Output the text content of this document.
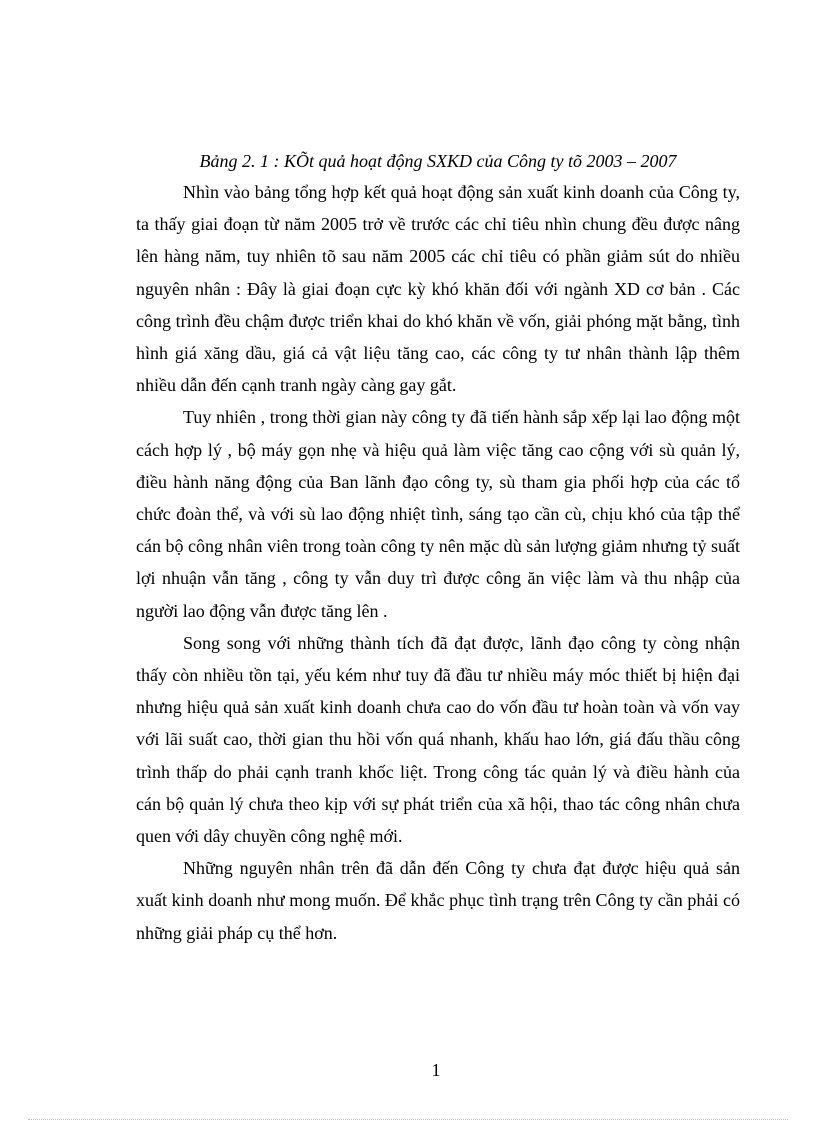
Bảng 2. 1 : KÕt quả hoạt động SXKD của Công ty tõ 2003 – 2007

Nhìn vào bảng tổng hợp kết quả hoạt động sản xuất kinh doanh của Công ty, ta thấy giai đoạn từ năm 2005 trở về trước các chỉ tiêu nhìn chung đều được nâng lên hàng năm, tuy nhiên tõ sau năm 2005 các chỉ tiêu có phần giảm sút do nhiều nguyên nhân : Đây là giai đoạn cực kỳ khó khăn đối với ngành XD cơ bản . Các công trình đều chậm được triển khai do khó khăn về vốn, giải phóng mặt bằng, tình hình giá xăng dầu, giá cả vật liệu tăng cao, các công ty tư nhân thành lập thêm nhiều dẫn đến cạnh tranh ngày càng gay gắt.

Tuy nhiên , trong thời gian này công ty đã tiến hành sắp xếp lại lao động một cách hợp lý , bộ máy gọn nhẹ và hiệu quả làm việc tăng cao cộng với sù quản lý, điều hành năng động của Ban lãnh đạo công ty, sù tham gia phối hợp của các tổ chức đoàn thể, và với sù lao động nhiệt tình, sáng tạo cần cù, chịu khó của tập thể cán bộ công nhân viên trong toàn công ty nên mặc dù sản lượng giảm nhưng tỷ suất lợi nhuận vẫn tăng , công ty vẫn duy trì được công ăn việc làm và thu nhập của người lao động vẫn được tăng lên .

Song song với những thành tích đã đạt được, lãnh đạo công ty còng nhận thấy còn nhiều tồn tại, yếu kém như tuy đã đầu tư nhiều máy móc thiết bị hiện đại nhưng hiệu quả sản xuất kinh doanh chưa cao do vốn đầu tư hoàn toàn và vốn vay với lãi suất cao, thời gian thu hồi vốn quá nhanh, khấu hao lớn, giá đấu thầu công trình thấp do phải cạnh tranh khốc liệt. Trong công tác quản lý và điều hành của cán bộ quản lý chưa theo kịp với sự phát triển của xã hội, thao tác công nhân chưa quen với dây chuyền công nghệ mới.

Những nguyên nhân trên đã dẫn đến Công ty chưa đạt được hiệu quả sản xuất kinh doanh như mong muốn. Để khắc phục tình trạng trên Công ty cần phải có những giải pháp cụ thể hơn.

1
